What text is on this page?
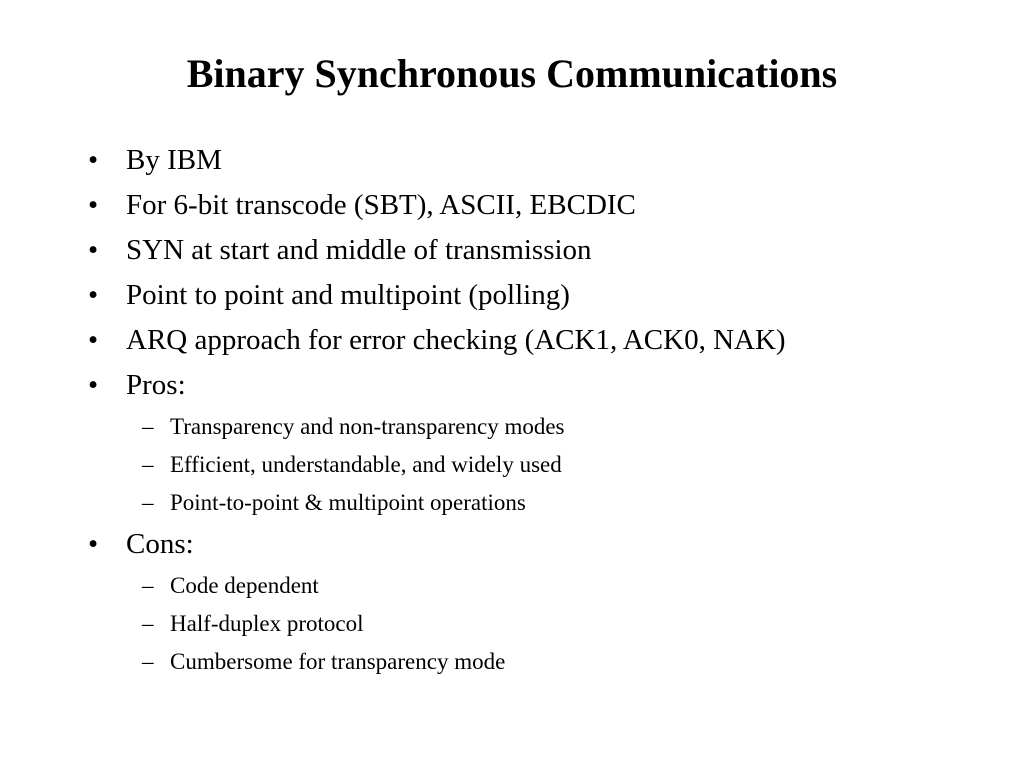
Binary Synchronous Communications
• By IBM
• For 6-bit transcode (SBT), ASCII, EBCDIC
• SYN at start and middle of transmission
• Point to point and multipoint (polling)
• ARQ approach for error checking (ACK1, ACK0, NAK)
• Pros:
– Transparency and non-transparency modes
– Efficient, understandable, and widely used
– Point-to-point & multipoint operations
• Cons:
– Code dependent
– Half-duplex protocol
– Cumbersome for transparency mode
